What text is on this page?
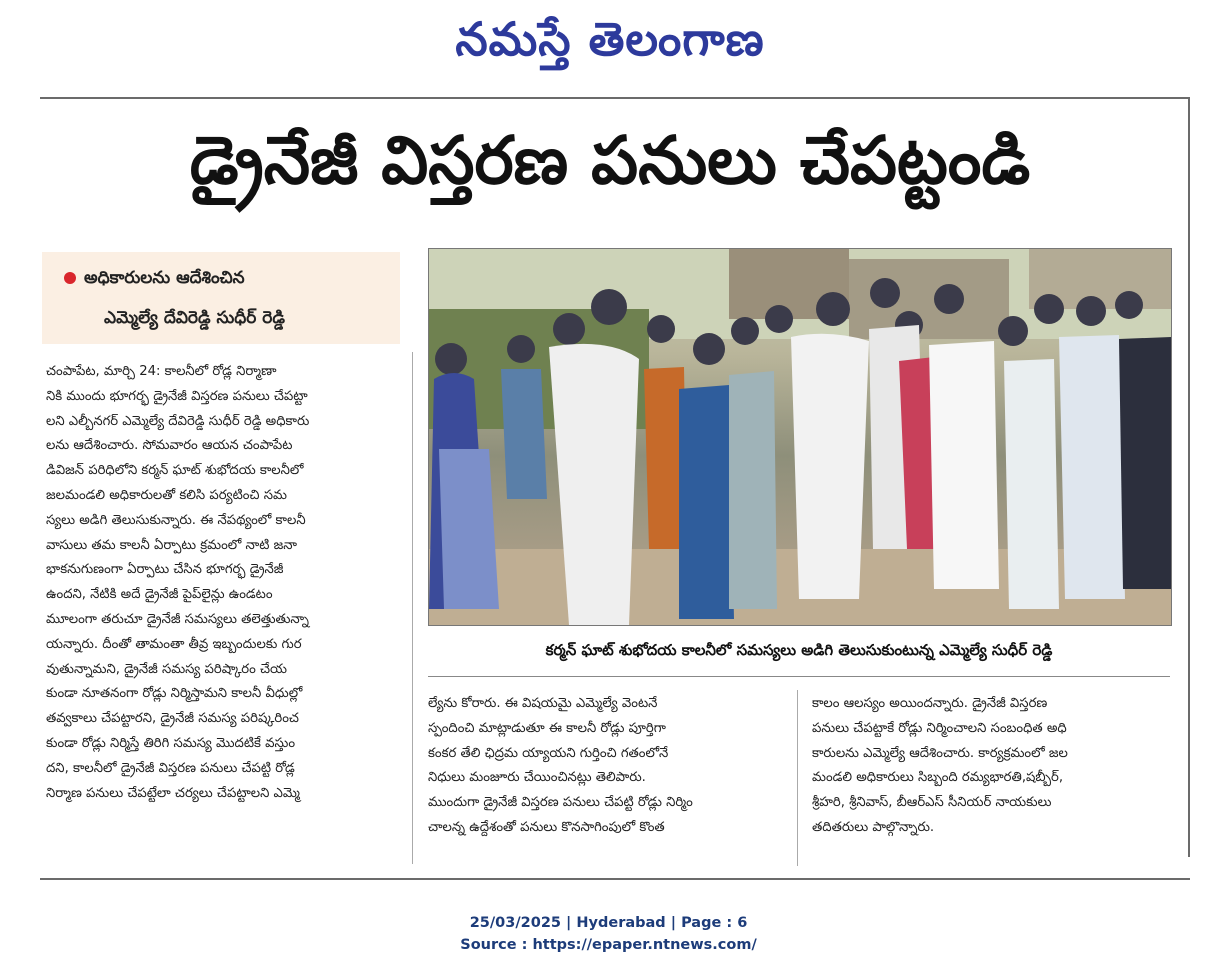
నమస్తే తెలంగాణ
డ్రైనేజీ విస్తరణ పనులు చేపట్టండి
అధికారులను ఆదేశించిన
ఎమ్మెల్యే దేవిరెడ్డి సుధీర్ రెడ్డి
కర్మన్ ఘాట్ శుభోదయ కాలనీలో సమస్యలు అడిగి తెలుసుకుంటున్న ఎమ్మెల్యే సుధీర్ రెడ్డి
చంపాపేట, మార్చి 24: కాలనీలో రోడ్ల నిర్మాణా
నికి ముందు భూగర్భ డ్రైనేజీ విస్తరణ పనులు చేపట్టా
లని ఎల్బీనగర్ ఎమ్మెల్యే దేవిరెడ్డి సుధీర్ రెడ్డి అధికారు
లను ఆదేశించారు. సోమవారం ఆయన చంపాపేట
డివిజన్ పరిధిలోని కర్మన్ ఘాట్ శుభోదయ కాలనీలో
జలమండలి అధికారులతో కలిసి పర్యటించి సమ
స్యలు అడిగి తెలుసుకున్నారు. ఈ నేపథ్యంలో కాలనీ
వాసులు తమ కాలనీ ఏర్పాటు క్రమంలో నాటి జనా
భాకనుగుణంగా ఏర్పాటు చేసిన భూగర్భ డ్రైనేజీ
ఉందని, నేటికి అదే డ్రైనేజీ పైప్‌లైన్లు ఉండటం
మూలంగా తరుచూ డ్రైనేజీ సమస్యలు తలెత్తుతున్నా
యన్నారు. దీంతో తామంతా తీవ్ర ఇబ్బందులకు గుర
వుతున్నామని, డ్రైనేజీ సమస్య పరిష్కారం చేయ
కుండా నూతనంగా రోడ్లు నిర్మిస్తామని కాలనీ వీధుల్లో
తవ్వకాలు చేపట్టారని, డ్రైనేజీ సమస్య పరిష్కరించ
కుండా రోడ్లు నిర్మిస్తే తిరిగి సమస్య మొదటికే వస్తుం
దని, కాలనీలో డ్రైనేజీ విస్తరణ పనులు చేపట్టి రోడ్ల
నిర్మాణ పనులు చేపట్టేలా చర్యలు చేపట్టాలని ఎమ్మె
ల్యేను కోరారు. ఈ విషయమై ఎమ్మెల్యే వెంటనే
స్పందించి మాట్లాడుతూ ఈ కాలనీ రోడ్లు పూర్తిగా
కంకర తేలి ఛిద్రమ య్యాయని గుర్తించి గతంలోనే
నిధులు మంజూరు చేయించినట్లు తెలిపారు.
ముందుగా డ్రైనేజీ విస్తరణ పనులు చేపట్టి రోడ్లు నిర్మిం
చాలన్న ఉద్దేశంతో పనులు కొనసాగింపులో కొంత
కాలం ఆలస్యం అయిందన్నారు. డ్రైనేజీ విస్తరణ
పనులు చేపట్టాకే రోడ్లు నిర్మించాలని సంబంధిత అధి
కారులను ఎమ్మెల్యే ఆదేశించారు. కార్యక్రమంలో జల
మండలి అధికారులు సిబ్బంది రమ్యభారతి,షబ్బీర్,
శ్రీహరి, శ్రీనివాస్, బీఆర్ఎస్ సీనియర్ నాయకులు
తదితరులు పాల్గొన్నారు.
25/03/2025 | Hyderabad | Page : 6
Source : https://epaper.ntnews.com/
